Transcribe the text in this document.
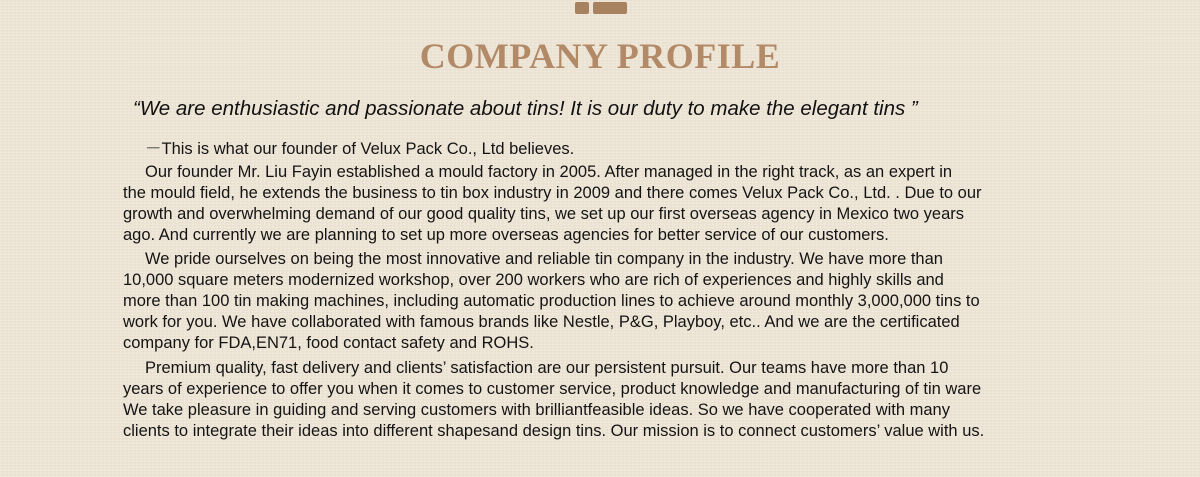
COMPANY PROFILE
“We are enthusiastic and passionate about tins! It is our duty to make the elegant tins ”
－This is what our founder of Velux Pack Co., Ltd believes.

Our founder Mr. Liu Fayin established a mould factory in 2005. After managed in the right track, as an expert in
the mould field, he extends the business to tin box industry in 2009 and there comes Velux Pack Co., Ltd. . Due to our
growth and overwhelming demand of our good quality tins, we set up our first overseas agency in Mexico two years
ago. And currently we are planning to set up more overseas agencies for better service of our customers.

We pride ourselves on being the most innovative and reliable tin company in the industry. We have more than
10,000 square meters modernized workshop, over 200 workers who are rich of experiences and highly skills and
more than 100 tin making machines, including automatic production lines to achieve around monthly 3,000,000 tins to
work for you. We have collaborated with famous brands like Nestle, P&G, Playboy, etc.. And we are the certificated
company for FDA,EN71, food contact safety and ROHS.

Premium quality, fast delivery and clients’ satisfaction are our persistent pursuit. Our teams have more than 10
years of experience to offer you when it comes to customer service, product knowledge and manufacturing of tin ware
We take pleasure in guiding and serving customers with brilliantfeasible ideas. So we have cooperated with many
clients to integrate their ideas into different shapesand design tins. Our mission is to connect customers’ value with us.
